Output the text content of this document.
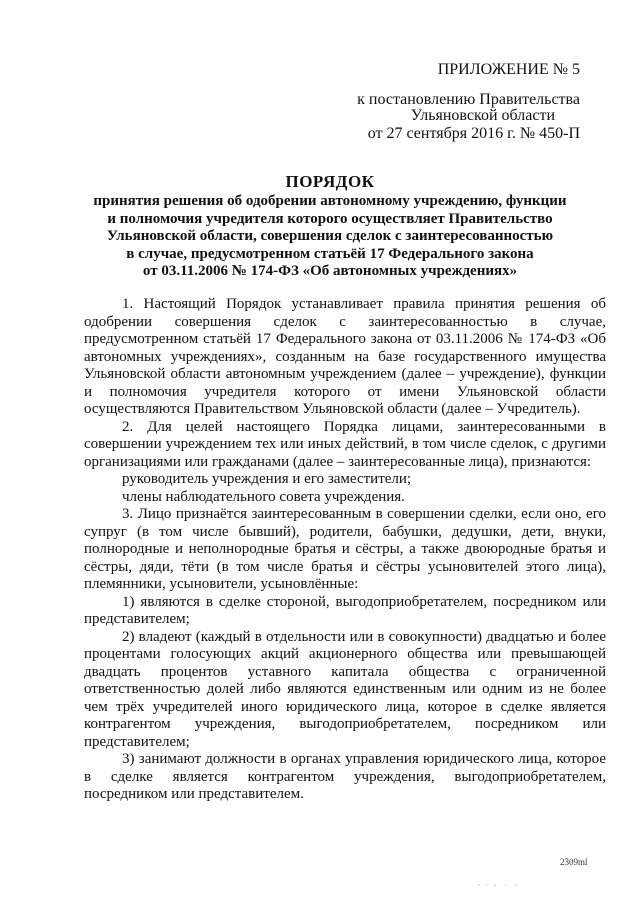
ПРИЛОЖЕНИЕ № 5
к постановлению Правительства
Ульяновской области
от 27 сентября 2016 г. № 450-П
ПОРЯДОК
принятия решения об одобрении автономному учреждению, функции
и полномочия учредителя которого осуществляет Правительство
Ульяновской области, совершения сделок с заинтересованностью
в случае, предусмотренном статьёй 17 Федерального закона
от 03.11.2006 № 174-ФЗ «Об автономных учреждениях»

1. Настоящий Порядок устанавливает правила принятия решения об одобрении совершения сделок с заинтересованностью в случае, предусмотренном статьёй 17 Федерального закона от 03.11.2006 № 174-ФЗ «Об автономных учреждениях», созданным на базе государственного имущества Ульяновской области автономным учреждением (далее – учреждение), функции и полномочия учредителя которого от имени Ульяновской области осуществляются Правительством Ульяновской области (далее – Учредитель).

2. Для целей настоящего Порядка лицами, заинтересованными в совершении учреждением тех или иных действий, в том числе сделок, с другими организациями или гражданами (далее – заинтересованные лица), признаются:

руководитель учреждения и его заместители;

члены наблюдательного совета учреждения.

3. Лицо признаётся заинтересованным в совершении сделки, если оно, его супруг (в том числе бывший), родители, бабушки, дедушки, дети, внуки, полнородные и неполнородные братья и сёстры, а также двоюродные братья и сёстры, дяди, тёти (в том числе братья и сёстры усыновителей этого лица), племянники, усыновители, усыновлённые:

1) являются в сделке стороной, выгодоприобретателем, посредником или представителем;

2) владеют (каждый в отдельности или в совокупности) двадцатью и более процентами голосующих акций акционерного общества или превышающей двадцать процентов уставного капитала общества с ограниченной ответственностью долей либо являются единственным или одним из не более чем трёх учредителей иного юридического лица, которое в сделке является контрагентом учреждения, выгодоприобретателем, посредником или представителем;

3) занимают должности в органах управления юридического лица, которое в сделке является контрагентом учреждения, выгодоприобретателем, посредником или представителем.

2309ml
